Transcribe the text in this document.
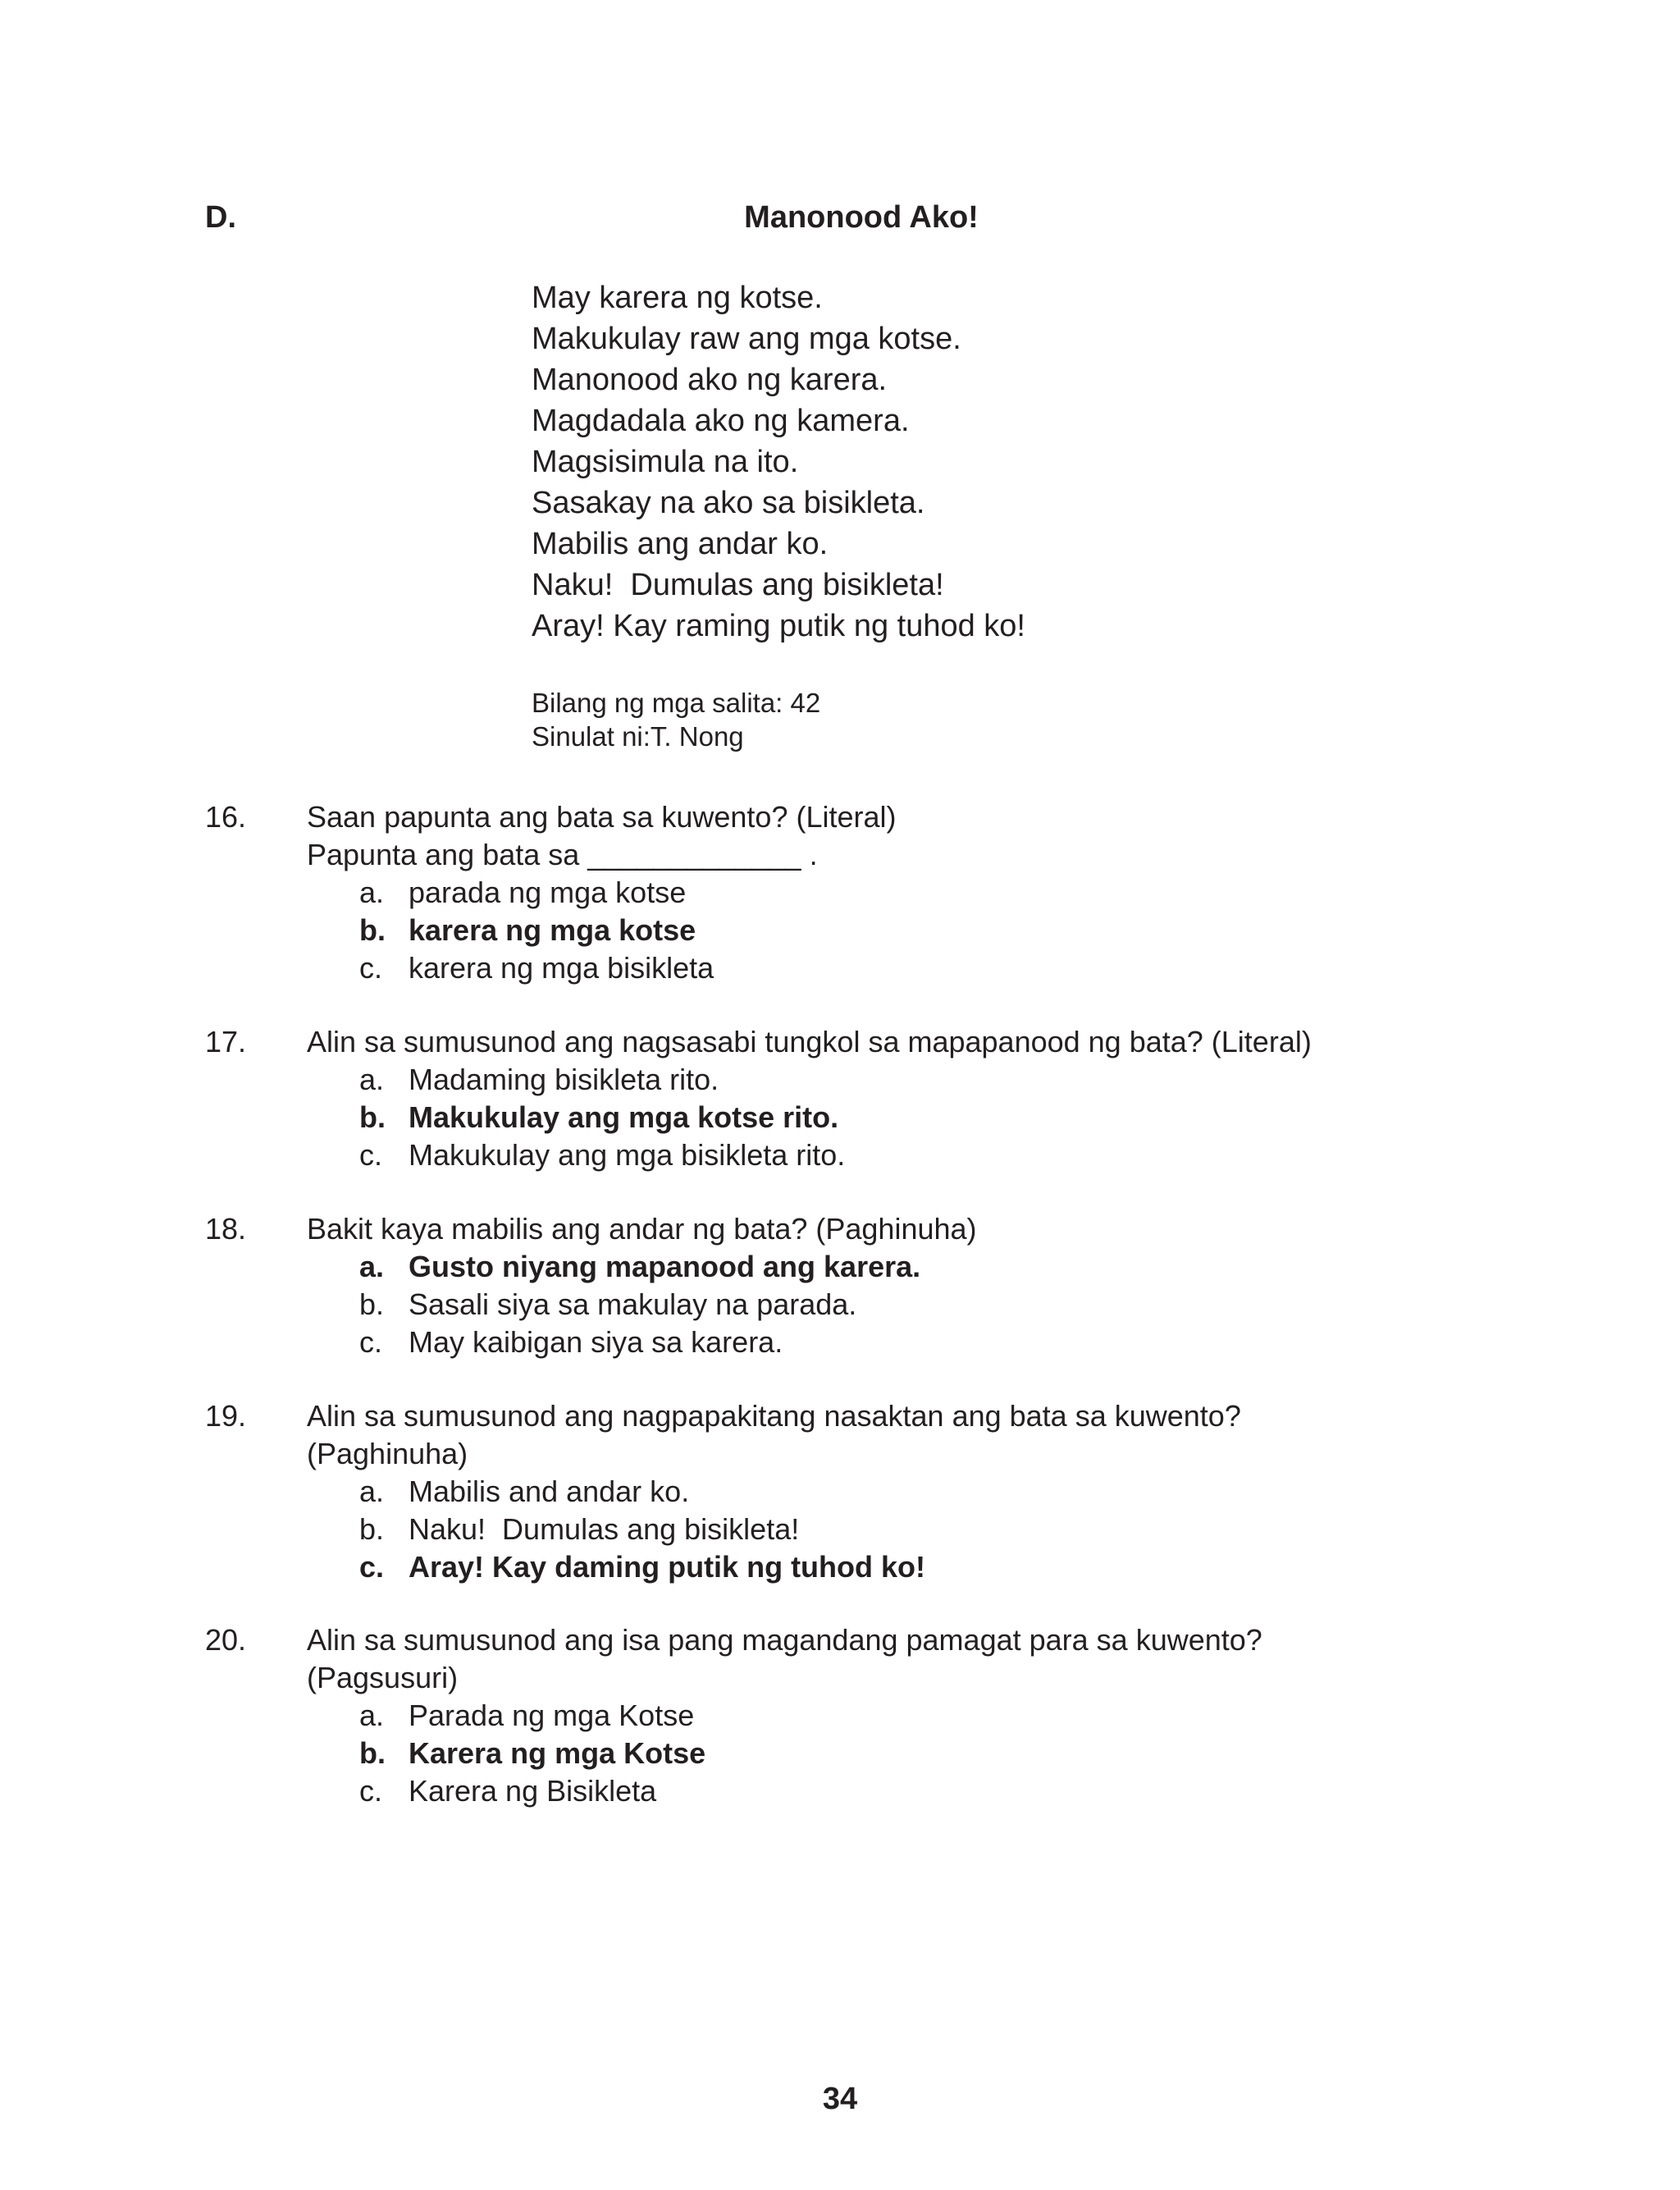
D.	Manonood Ako!
May karera ng kotse.
Makukulay raw ang mga kotse.
Manonood ako ng karera.
Magdadala ako ng kamera.
Magsisimula na ito.
Sasakay na ako sa bisikleta.
Mabilis ang andar ko.
Naku!  Dumulas ang bisikleta!
Aray! Kay raming putik ng tuhod ko!
Bilang ng mga salita: 42
Sinulat ni:T. Nong
16.	Saan papunta ang bata sa kuwento? (Literal)
Papunta ang bata sa _____________ .
a. parada ng mga kotse
b. karera ng mga kotse
c. karera ng mga bisikleta
17.	Alin sa sumusunod ang nagsasabi tungkol sa mapapanood ng bata? (Literal)
a. Madaming bisikleta rito.
b. Makukulay ang mga kotse rito.
c. Makukulay ang mga bisikleta rito.
18.	Bakit kaya mabilis ang andar ng bata? (Paghinuha)
a. Gusto niyang mapanood ang karera.
b. Sasali siya sa makulay na parada.
c. May kaibigan siya sa karera.
19.	Alin sa sumusunod ang nagpapakitang nasaktan ang bata sa kuwento?
(Paghinuha)
a. Mabilis and andar ko.
b. Naku!  Dumulas ang bisikleta!
c. Aray! Kay daming putik ng tuhod ko!
20.	Alin sa sumusunod ang isa pang magandang pamagat para sa kuwento?
(Pagsusuri)
a. Parada ng mga Kotse
b. Karera ng mga Kotse
c. Karera ng Bisikleta
34
